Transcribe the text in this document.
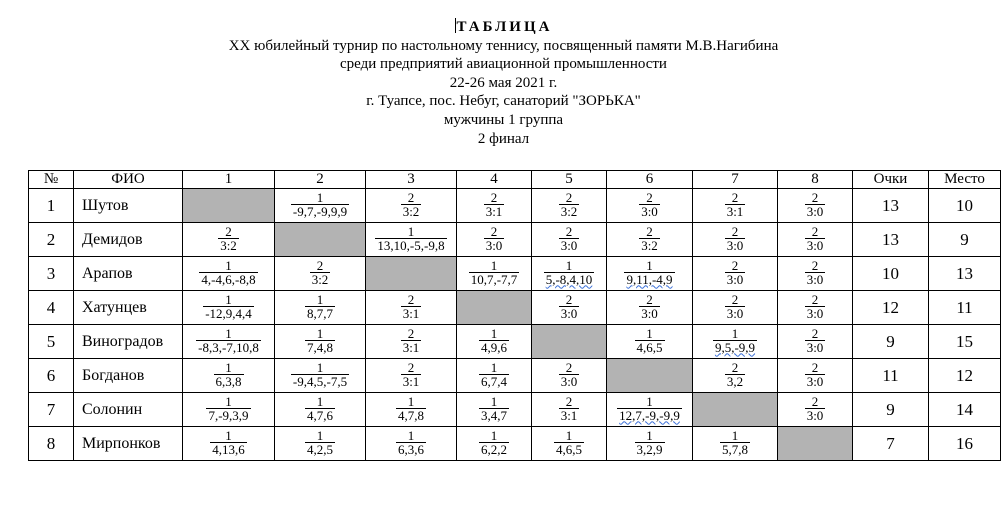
ТАБЛИЦА
XX юбилейный турнир по настольному теннису, посвященный памяти М.В.Нагибина
среди предприятий авиационной промышленности
22-26 мая 2021 г.
г. Туапсе, пос. Небуг, санаторий "ЗОРЬКА"
мужчины 1 группа
2 финал
№	ФИО	1	2	3	4	5	6	7	8	Очки	Место
1	Шутов		$\frac{1}{-9,7,-9,9,9}$	$\frac{2}{3:2}$	$\frac{2}{3:1}$	$\frac{2}{3:2}$	$\frac{2}{3:0}$	$\frac{2}{3:1}$	$\frac{2}{3:0}$	13	10
2	Демидов	$\frac{2}{3:2}$		$\frac{1}{13,10,-5,-9,8}$	$\frac{2}{3:0}$	$\frac{2}{3:0}$	$\frac{2}{3:2}$	$\frac{2}{3:0}$	$\frac{2}{3:0}$	13	9
3	Арапов	$\frac{1}{4,-4,6,-8,8}$	$\frac{2}{3:2}$		$\frac{1}{10,7,-7,7}$	$\frac{1}{5,-8,4,10}$	$\frac{1}{9,11,-4,9}$	$\frac{2}{3:0}$	$\frac{2}{3:0}$	10	13
4	Хатунцев	$\frac{1}{-12,9,4,4}$	$\frac{1}{8,7,7}$	$\frac{2}{3:1}$		$\frac{2}{3:0}$	$\frac{2}{3:0}$	$\frac{2}{3:0}$	$\frac{2}{3:0}$	12	11
5	Виноградов	$\frac{1}{-8,3,-7,10,8}$	$\frac{1}{7,4,8}$	$\frac{2}{3:1}$	$\frac{1}{4,9,6}$		$\frac{1}{4,6,5}$	$\frac{1}{9,5,-9,9}$	$\frac{2}{3:0}$	9	15
6	Богданов	$\frac{1}{6,3,8}$	$\frac{1}{-9,4,5,-7,5}$	$\frac{2}{3:1}$	$\frac{1}{6,7,4}$	$\frac{2}{3:0}$		$\frac{2}{3,2}$	$\frac{2}{3:0}$	11	12
7	Солонин	$\frac{1}{7,-9,3,9}$	$\frac{1}{4,7,6}$	$\frac{1}{4,7,8}$	$\frac{1}{3,4,7}$	$\frac{2}{3:1}$	$\frac{1}{12,7,-9,-9,9}$		$\frac{2}{3:0}$	9	14
8	Мирпонков	$\frac{1}{4,13,6}$	$\frac{1}{4,2,5}$	$\frac{1}{6,3,6}$	$\frac{1}{6,2,2}$	$\frac{1}{4,6,5}$	$\frac{1}{3,2,9}$	$\frac{1}{5,7,8}$		7	16
